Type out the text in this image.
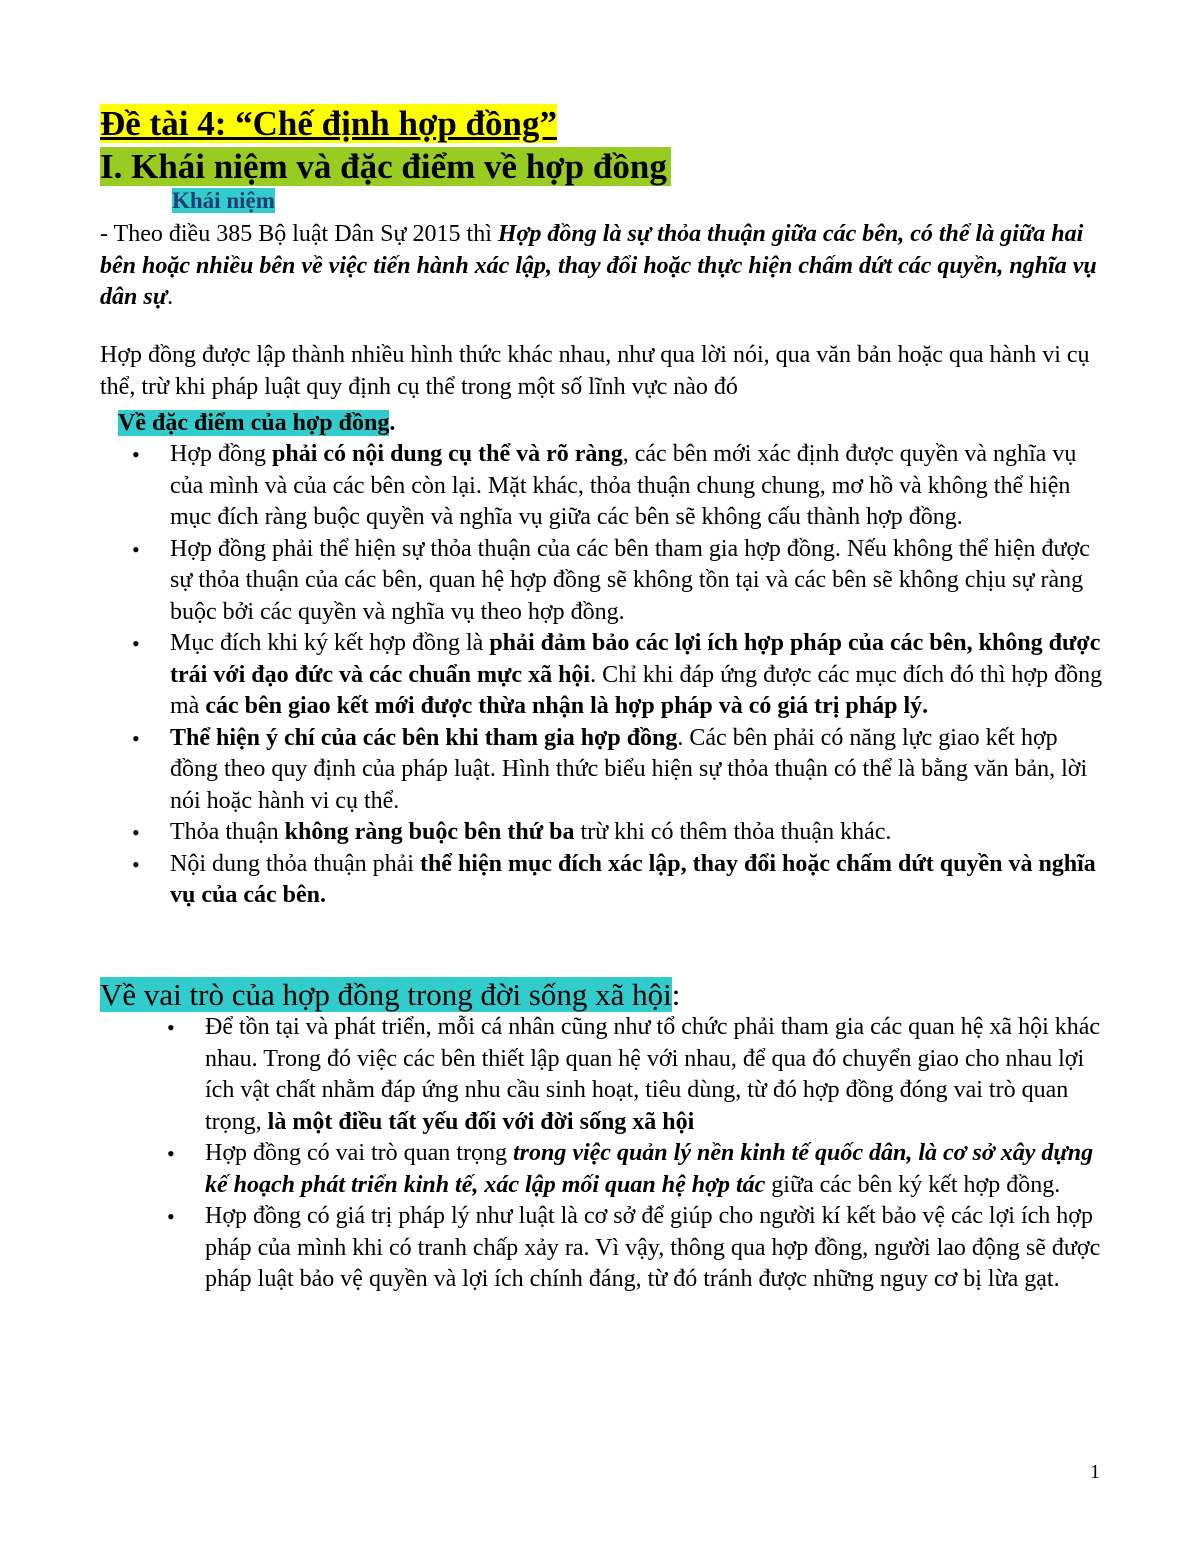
Đề tài 4: “Chế định hợp đồng”
I. Khái niệm và đặc điểm về hợp đồng
Khái niệm
- Theo điều 385 Bộ luật Dân Sự 2015 thì Hợp đồng là sự thỏa thuận giữa các bên, có thể là giữa hai bên hoặc nhiều bên về việc tiến hành xác lập, thay đổi hoặc thực hiện chấm dứt các quyền, nghĩa vụ dân sự.
Hợp đồng được lập thành nhiều hình thức khác nhau, như qua lời nói, qua văn bản hoặc qua hành vi cụ thể, trừ khi pháp luật quy định cụ thể trong một số lĩnh vực nào đó
Về đặc điểm của hợp đồng.
• Hợp đồng phải có nội dung cụ thể và rõ ràng, các bên mới xác định được quyền và nghĩa vụ của mình và của các bên còn lại. Mặt khác, thỏa thuận chung chung, mơ hồ và không thể hiện mục đích ràng buộc quyền và nghĩa vụ giữa các bên sẽ không cấu thành hợp đồng.
• Hợp đồng phải thể hiện sự thỏa thuận của các bên tham gia hợp đồng. Nếu không thể hiện được sự thỏa thuận của các bên, quan hệ hợp đồng sẽ không tồn tại và các bên sẽ không chịu sự ràng buộc bởi các quyền và nghĩa vụ theo hợp đồng.
• Mục đích khi ký kết hợp đồng là phải đảm bảo các lợi ích hợp pháp của các bên, không được trái với đạo đức và các chuẩn mực xã hội. Chỉ khi đáp ứng được các mục đích đó thì hợp đồng mà các bên giao kết mới được thừa nhận là hợp pháp và có giá trị pháp lý.
• Thể hiện ý chí của các bên khi tham gia hợp đồng. Các bên phải có năng lực giao kết hợp đồng theo quy định của pháp luật. Hình thức biểu hiện sự thỏa thuận có thể là bằng văn bản, lời nói hoặc hành vi cụ thể.
• Thỏa thuận không ràng buộc bên thứ ba trừ khi có thêm thỏa thuận khác.
• Nội dung thỏa thuận phải thể hiện mục đích xác lập, thay đổi hoặc chấm dứt quyền và nghĩa vụ của các bên.
Về vai trò của hợp đồng trong đời sống xã hội:
• Để tồn tại và phát triển, mỗi cá nhân cũng như tổ chức phải tham gia các quan hệ xã hội khác nhau. Trong đó việc các bên thiết lập quan hệ với nhau, để qua đó chuyển giao cho nhau lợi ích vật chất nhằm đáp ứng nhu cầu sinh hoạt, tiêu dùng, từ đó hợp đồng đóng vai trò quan trọng, là một điều tất yếu đối với đời sống xã hội
• Hợp đồng có vai trò quan trọng trong việc quản lý nền kinh tế quốc dân, là cơ sở xây dựng kế hoạch phát triển kinh tế, xác lập mối quan hệ hợp tác giữa các bên ký kết hợp đồng.
• Hợp đồng có giá trị pháp lý như luật là cơ sở để giúp cho người kí kết bảo vệ các lợi ích hợp pháp của mình khi có tranh chấp xảy ra. Vì vậy, thông qua hợp đồng, người lao động sẽ được pháp luật bảo vệ quyền và lợi ích chính đáng, từ đó tránh được những nguy cơ bị lừa gạt.
1
